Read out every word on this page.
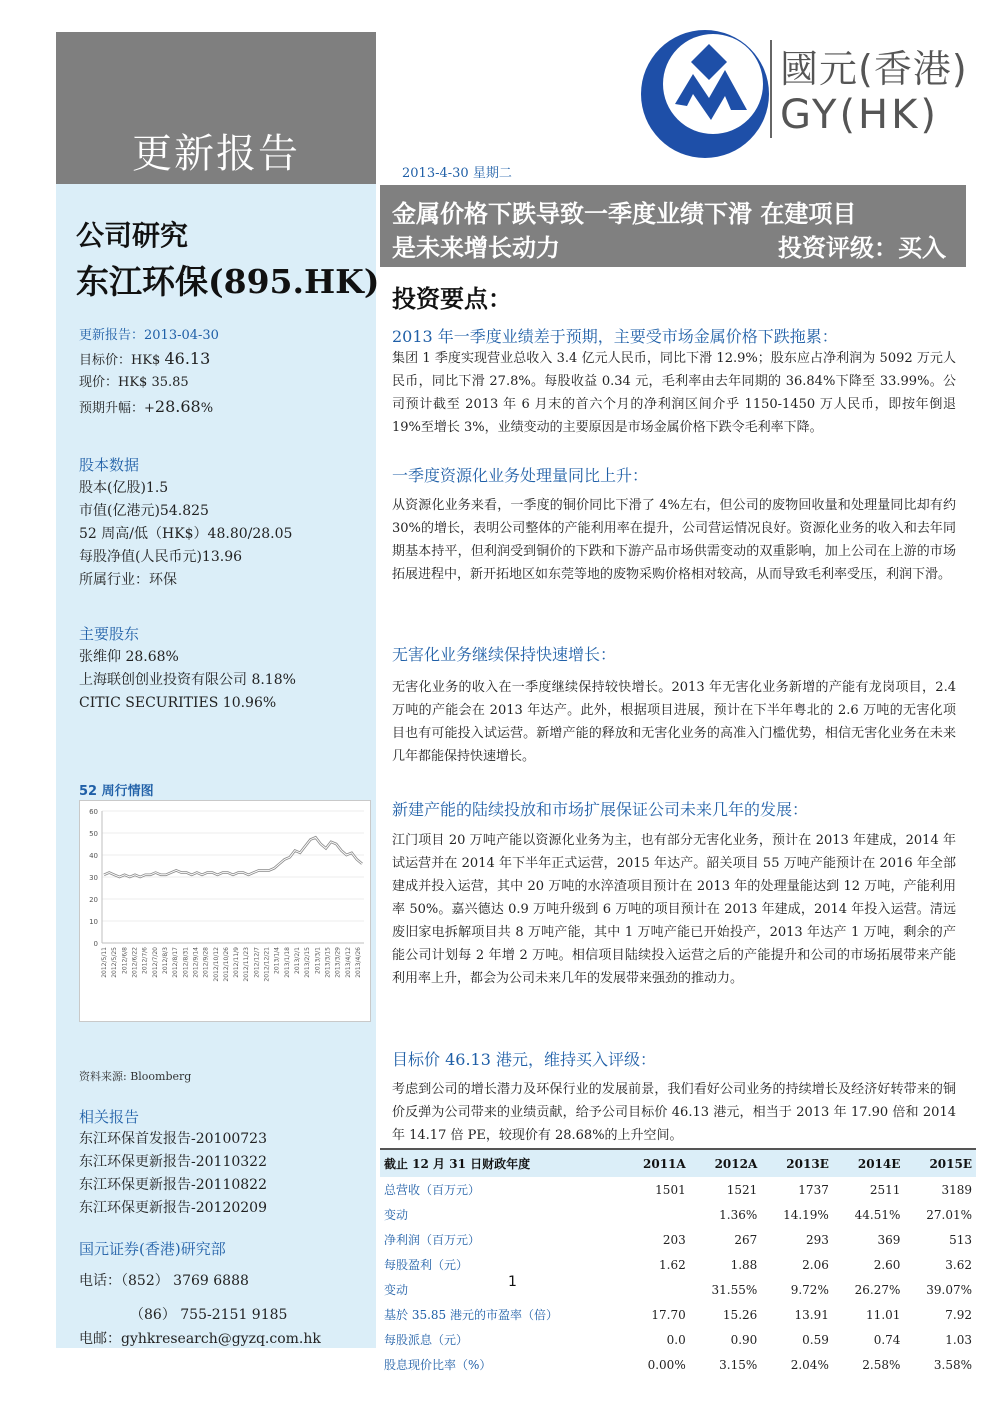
更新报告
公司研究
东江环保(895.HK)
更新报告：2013-04-30
目标价：HK$ 46.13
现价：HK$ 35.85
预期升幅：+28.68%
股本数据
股本(亿股)1.5
市值(亿港元)54.825
52 周高/低（HK$）48.80/28.05
每股净值(人民币元)13.96
所属行业：环保
主要股东
张维仰 28.68%
上海联创创业投资有限公司 8.18%
CITIC SECURITIES 10.96%
52 周行情图
0
10
20
30
40
50
60
2012/5/11 2012/5/25 2012/6/8 2012/6/22 2012/7/6 2012/7/20 2012/8/3 2012/8/17 2012/8/31 2012/9/14 2012/9/28 2012/10/12 2012/10/26 2012/11/9 2012/11/23 2012/12/7 2012/12/21 2013/1/4 2013/1/18 2013/2/1 2013/2/15 2013/3/1 2013/3/15 2013/3/29 2013/4/12 2013/4/26
资料来源: Bloomberg
相关报告
东江环保首发报告-20100723
东江环保更新报告-20110322
东江环保更新报告-20110822
东江环保更新报告-20120209
国元证券(香港)研究部
电话：（852） 3769 6888
（86） 755-2151 9185
电邮：gyhkresearch@gyzq.com.hk
國元(香港)
GY(HK)
2013-4-30 星期二
金属价格下跌导致一季度业绩下滑 在建项目
是未来增长动力	投资评级：买入
投资要点：
2013 年一季度业绩差于预期，主要受市场金属价格下跌拖累：
集团 1 季度实现营业总收入 3.4 亿元人民币，同比下滑 12.9%；股东应占净利润为 5092 万元人民币，同比下滑 27.8%。每股收益 0.34 元，毛利率由去年同期的 36.84%下降至 33.99%。公司预计截至 2013 年 6 月末的首六个月的净利润区间介乎 1150-1450 万人民币，即按年倒退 19%至增长 3%，业绩变动的主要原因是市场金属价格下跌令毛利率下降。
一季度资源化业务处理量同比上升：
从资源化业务来看，一季度的铜价同比下滑了 4%左右，但公司的废物回收量和处理量同比却有约 30%的增长，表明公司整体的产能利用率在提升，公司营运情况良好。资源化业务的收入和去年同期基本持平，但利润受到铜价的下跌和下游产品市场供需变动的双重影响，加上公司在上游的市场拓展进程中，新开拓地区如东莞等地的废物采购价格相对较高，从而导致毛利率受压，利润下滑。
无害化业务继续保持快速增长：
无害化业务的收入在一季度继续保持较快增长。2013 年无害化业务新增的产能有龙岗项目，2.4 万吨的产能会在 2013 年达产。此外，根据项目进展，预计在下半年粤北的 2.6 万吨的无害化项目也有可能投入试运营。新增产能的释放和无害化业务的高准入门槛优势，相信无害化业务在未来几年都能保持快速增长。
新建产能的陆续投放和市场扩展保证公司未来几年的发展：
江门项目 20 万吨产能以资源化业务为主，也有部分无害化业务，预计在 2013 年建成，2014 年试运营并在 2014 年下半年正式运营，2015 年达产。韶关项目 55 万吨产能预计在 2016 年全部建成并投入运营，其中 20 万吨的水淬渣项目预计在 2013 年的处理量能达到 12 万吨，产能利用率 50%。嘉兴德达 0.9 万吨升级到 6 万吨的项目预计在 2013 年建成，2014 年投入运营。清远废旧家电拆解项目共 8 万吨产能，其中 1 万吨产能已开始投产，2013 年达产 1 万吨，剩余的产能公司计划每 2 年增 2 万吨。相信项目陆续投入运营之后的产能提升和公司的市场拓展带来产能利用率上升，都会为公司未来几年的发展带来强劲的推动力。
目标价 46.13 港元，维持买入评级：
考虑到公司的增长潜力及环保行业的发展前景，我们看好公司业务的持续增长及经济好转带来的铜价反弹为公司带来的业绩贡献，给予公司目标价 46.13 港元，相当于 2013 年 17.90 倍和 2014 年 14.17 倍 PE，较现价有 28.68%的上升空间。
截止 12 月 31 日财政年度	2011A	2012A	2013E	2014E	2015E
总营收（百万元）	1501	1521	1737	2511	3189
变动		1.36%	14.19%	44.51%	27.01%
净利润（百万元）	203	267	293	369	513
每股盈利（元）	1.62	1.88	2.06	2.60	3.62
变动		31.55%	9.72%	26.27%	39.07%
基於 35.85 港元的市盈率（倍）	17.70	15.26	13.91	11.01	7.92
每股派息（元）	0.0	0.90	0.59	0.74	1.03
股息现价比率（%）	0.00%	3.15%	2.04%	2.58%	3.58%
1
